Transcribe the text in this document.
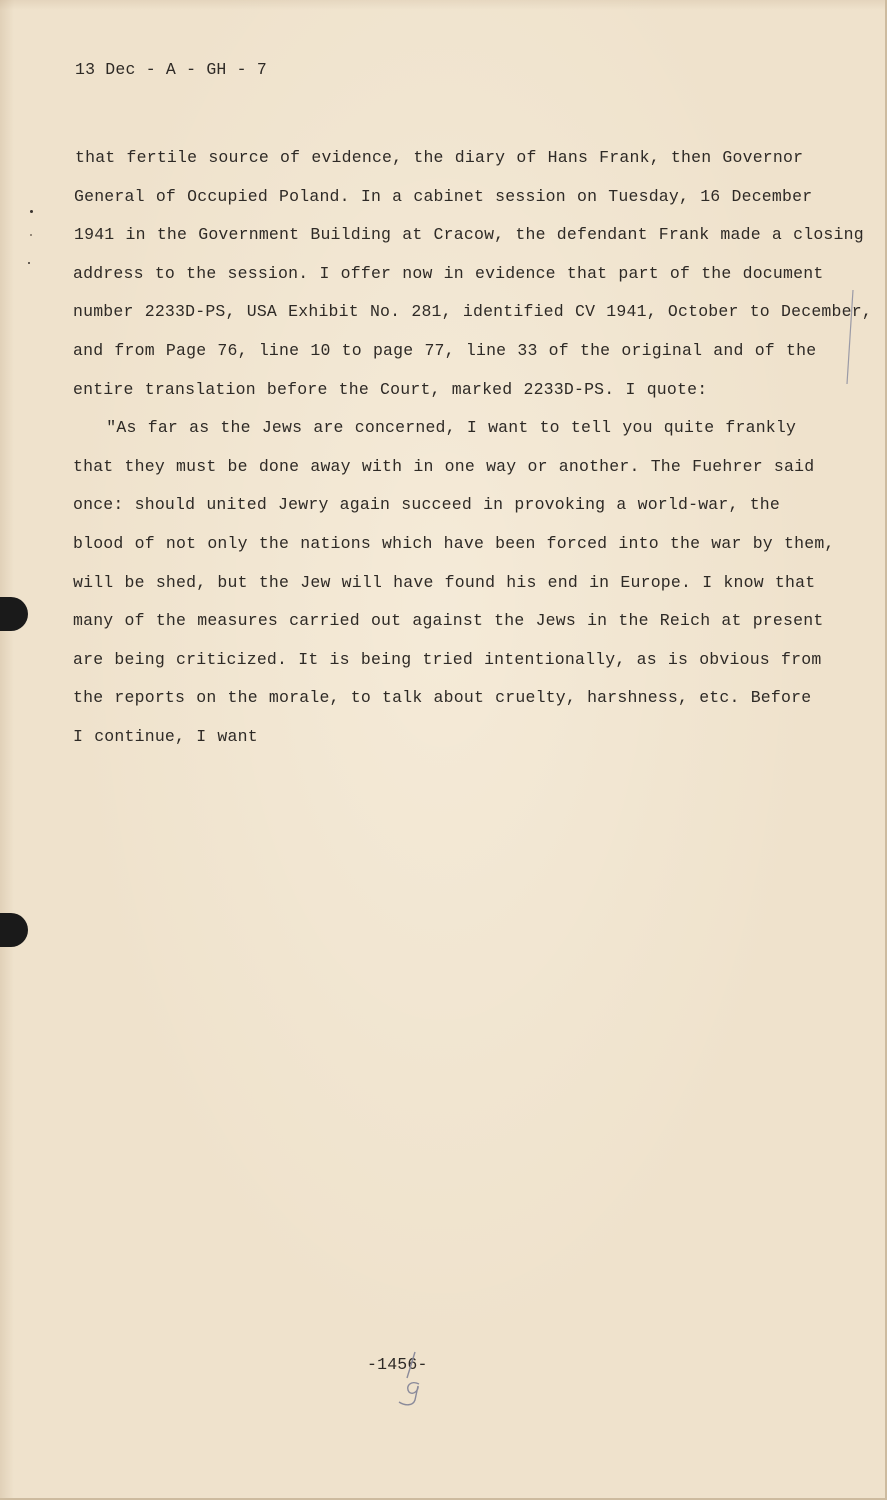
13 Dec - A - GH - 7
that fertile source of evidence, the diary of Hans Frank, then Governor
General of Occupied Poland. In a cabinet session on Tuesday, 16 December
1941 in the Government Building at Cracow, the defendant Frank made a closing
address to the session. I offer now in evidence that part of the document
number 2233D-PS, USA Exhibit No. 281, identified CV 1941, October to December,
and from Page 76, line 10 to page 77, line 33 of the original and of the
entire translation before the Court, marked 2233D-PS. I quote:
"As far as the Jews are concerned, I want to tell you quite frankly
that they must be done away with in one way or another. The Fuehrer said
once: should united Jewry again succeed in provoking a world-war, the
blood of not only the nations which have been forced into the war by them,
will be shed, but the Jew will have found his end in Europe. I know that
many of the measures carried out against the Jews in the Reich at present
are being criticized. It is being tried intentionally, as is obvious from
the reports on the morale, to talk about cruelty, harshness, etc. Before
I continue, I want
-1456-
